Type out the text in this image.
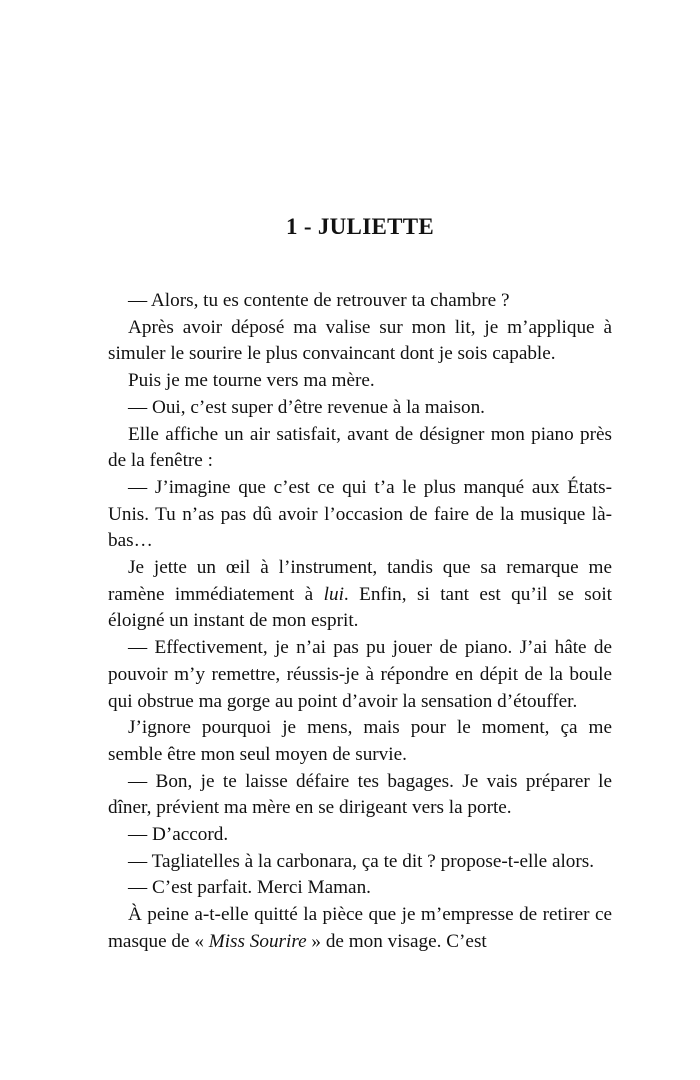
1 - JULIETTE

— Alors, tu es contente de retrouver ta chambre ?

Après avoir déposé ma valise sur mon lit, je m’applique à simuler le sourire le plus convaincant dont je sois capable.

Puis je me tourne vers ma mère.

— Oui, c’est super d’être revenue à la maison.

Elle affiche un air satisfait, avant de désigner mon piano près de la fenêtre :

— J’imagine que c’est ce qui t’a le plus manqué aux États-Unis. Tu n’as pas dû avoir l’occasion de faire de la musique là-bas…

Je jette un œil à l’instrument, tandis que sa remarque me ramène immédiatement à lui. Enfin, si tant est qu’il se soit éloigné un instant de mon esprit.

— Effectivement, je n’ai pas pu jouer de piano. J’ai hâte de pouvoir m’y remettre, réussis-je à répondre en dépit de la boule qui obstrue ma gorge au point d’avoir la sensation d’étouffer.

J’ignore pourquoi je mens, mais pour le moment, ça me semble être mon seul moyen de survie.

— Bon, je te laisse défaire tes bagages. Je vais préparer le dîner, prévient ma mère en se dirigeant vers la porte.

— D’accord.

— Tagliatelles à la carbonara, ça te dit ? propose-t-elle alors.

— C’est parfait. Merci Maman.

À peine a-t-elle quitté la pièce que je m’empresse de retirer ce masque de « Miss Sourire » de mon visage. C’est
